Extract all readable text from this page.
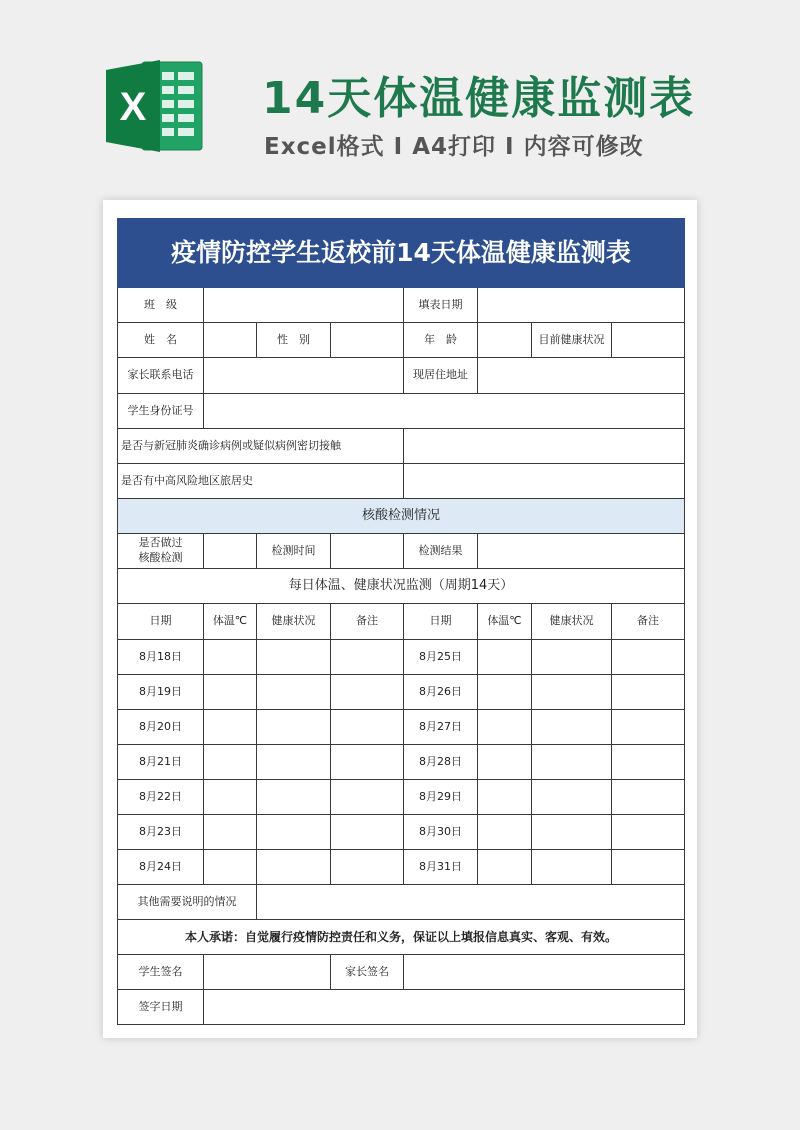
X	14天体温健康监测表
Excel格式 I A4打印 I 内容可修改
疫情防控学生返校前14天体温健康监测表							
班　级				填表日期			
姓　名		性　别		年　龄		目前健康状况	
家长联系电话				现居住地址			
学生身份证号							
是否与新冠肺炎确诊病例或疑似病例密切接触							
是否有中高风险地区旅居史							
核酸检测情况							
是否做过
核酸检测		检测时间		检测结果			
每日体温、健康状况监测（周期14天）							
日期	体温℃	健康状况	备注	日期	体温℃	健康状况	备注
8月18日				8月25日			
8月19日				8月26日			
8月20日				8月27日			
8月21日				8月28日			
8月22日				8月29日			
8月23日				8月30日			
8月24日				8月31日			
其他需要说明的情况							
本人承诺：自觉履行疫情防控责任和义务，保证以上填报信息真实、客观、有效。							
学生签名			家长签名				
签字日期							
